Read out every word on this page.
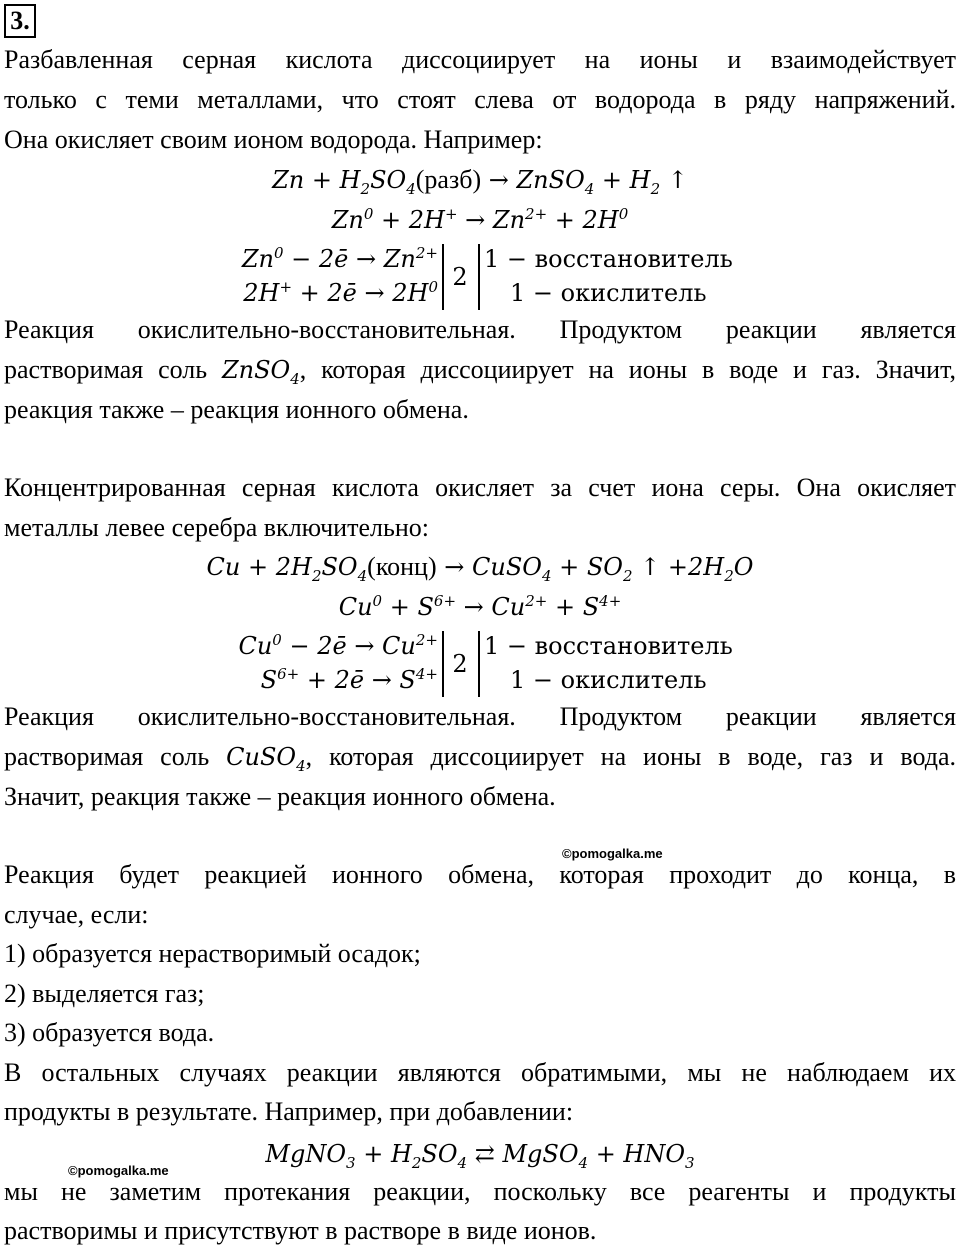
3.
Разбавленная серная кислота диссоциирует на ионы и взаимодействует
только с теми металлами, что стоят слева от водорода в ряду напряжений.
Она окисляет своим ионом водорода. Например:
$Zn + H_2SO_4(разб)$ → ZnSO$_4$ + $H_2$ ↑
$Zn^0 + 2H^+ \to Zn^{2+} + 2H^0$
$Zn^0$ − 2ē → $Zn^{2+}$
2H+ + 2ē → $2H^0$ 2
1 − восстановитель
1 − окислитель
Реакция окислительно-восстановительная. Продуктом реакции является
растворимая соль ZnSO$_4$, которая диссоциирует на ионы в воде и газ. Значит,
реакция также – реакция ионного обмена.
Концентрированная серная кислота окисляет за счет иона серы. Она окисляет
металлы левее серебра включительно:
$Cu + 2H_2SO_4(конц)$ → CuSO$_4$ + $SO_2$ ↑ $+2H_2O$
$Cu^0 + S^{6+} \to Cu^{2+} + S^{4+}$
$Cu^0$ − 2ē → $Cu^{2+}$
$S^{6+}$ + 2ē → $S^{4+}$ 2
1 − восстановитель
1 − окислитель
Реакция окислительно-восстановительная. Продуктом реакции является
растворимая соль CuSO$_4$, которая диссоциирует на ионы в воде, газ и вода.
Значит, реакция также – реакция ионного обмена.
©pomogalka.me
Реакция будет реакцией ионного обмена, которая проходит до конца, в
случае, если:
1) образуется нерастворимый осадок;
2) выделяется газ;
3) образуется вода.
В остальных случаях реакции являются обратимыми, мы не наблюдаем их
продукты в результате. Например, при добавлении:
MgNO$_3$ + $H_2SO_4$ ⇄ MgSO$_4$ + $HNO_3$
©pomogalka.me
мы не заметим протекания реакции, поскольку все реагенты и продукты
растворимы и присутствуют в растворе в виде ионов.
